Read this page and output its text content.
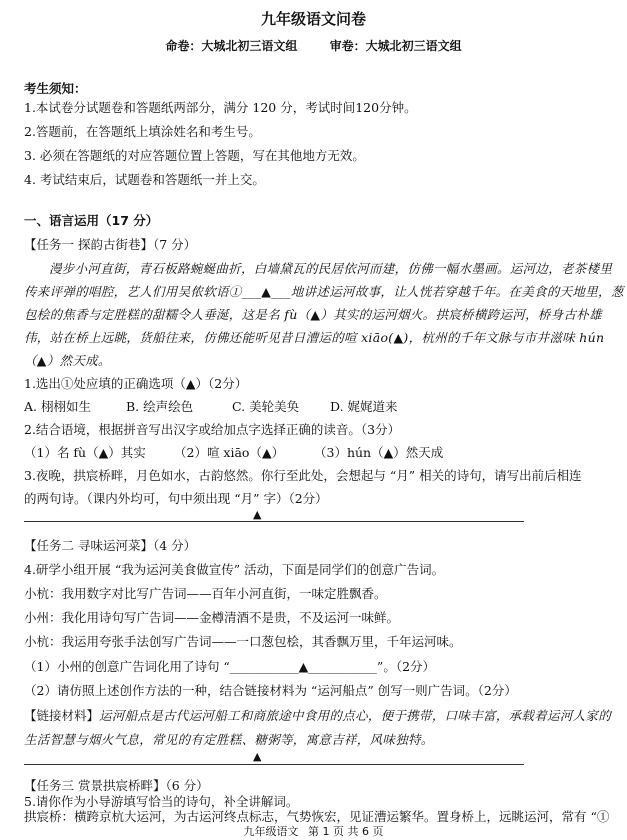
九年级语文问卷
命卷：大城北初三语文组	审卷：大城北初三语文组
考生须知：
1.本试卷分试题卷和答题纸两部分，满分 120 分，考试时间120分钟。
2.答题前，在答题纸上填涂姓名和考生号。
3. 必须在答题纸的对应答题位置上答题，写在其他地方无效。
4. 考试结束后，试题卷和答题纸一并上交。
一、语言运用（17 分）
【任务一 探韵古街巷】（7 分）
漫步小河直街，青石板路蜿蜒曲折，白墙黛瓦的民居依河而建，仿佛一幅水墨画。运河边，老茶楼里
传来评弹的唱腔，艺人们用吴侬软语①___▲___地讲述运河故事，让人恍若穿越千年。在美食的天地里，葱
包桧的焦香与定胜糕的甜糯令人垂涎，这是名 fù（▲）其实的运河烟火。拱宸桥横跨运河，桥身古朴雄
伟，站在桥上远眺，货船往来，仿佛还能听见昔日漕运的喧 xiāo(▲)，杭州的千年文脉与市井滋味 hún
（▲）然天成。
1.选出①处应填的正确选项（▲）（2分）
A. 栩栩如生	B. 绘声绘色	C. 美轮美奂 D. 娓娓道来
2.结合语境，根据拼音写出汉字或给加点字选择正确的读音。（3分）
（1）名 fù（▲）其实 （2）喧 xiāo（▲） （3）hún（▲）然天成
3.夜晚，拱宸桥畔，月色如水，古韵悠然。你行至此处，会想起与 “月” 相关的诗句，请写出前后相连
的两句诗。（课内外均可，句中须出现 “月” 字）（2分）
▲
【任务二 寻味运河菜】（4 分）
4.研学小组开展 “我为运河美食做宣传” 活动，下面是同学们的创意广告词。
小杭：我用数字对比写广告词——百年小河直街，一味定胜飘香。
小州：我化用诗句写广告词——金樽清酒不是贵，不及运河一味鲜。
小杭：我运用夸张手法创写广告词——一口葱包桧，其香飘万里，千年运河味。
（1）小州的创意广告词化用了诗句 “___________▲___________”。（2分）
（2）请仿照上述创作方法的一种，结合链接材料为 “运河船点” 创写一则广告词。（2分）
【链接材料】运河船点是古代运河船工和商旅途中食用的点心，便于携带，口味丰富，承载着运河人家的
生活智慧与烟火气息，常见的有定胜糕、糖粥等，寓意吉祥，风味独特。
▲
【任务三 赏景拱宸桥畔】（6 分）
5.请你作为小导游填写恰当的诗句，补全讲解词。
九年级语文 第 1 页 共 6 页
拱宸桥：横跨京杭大运河，为古运河终点标志，气势恢宏，见证漕运繁华。置身桥上，远眺运河，常有 “①
